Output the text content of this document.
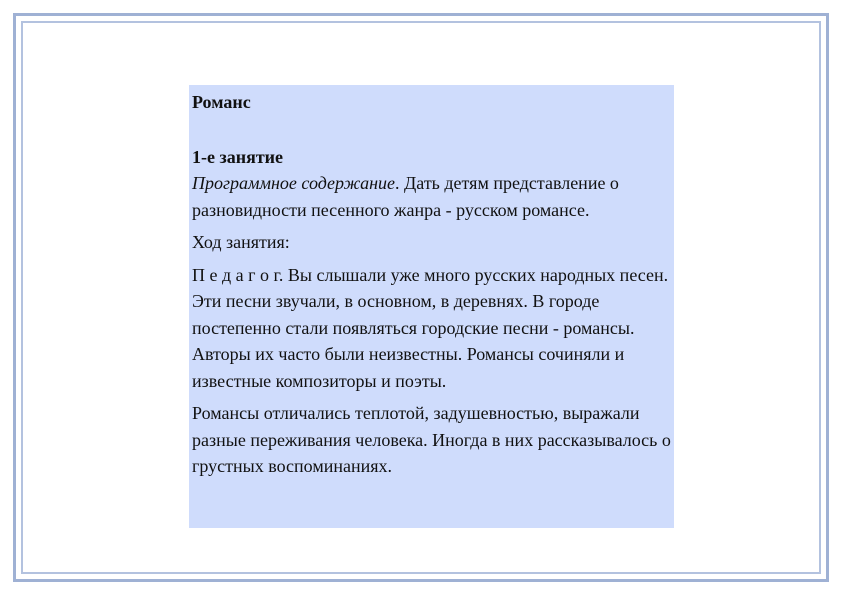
Романс

1-е занятие

Программное содержание. Дать детям представление о разновидности песенного жанра - русском романсе.

Ход занятия:

П е д а г о г. Вы слышали уже много русских народных песен. Эти песни звучали, в основном, в деревнях. В городе постепенно стали появляться городские песни - романсы. Авторы их часто были неизвестны. Романсы сочиняли и известные композиторы и поэты.

Романсы отличались теплотой, задушевностью, выражали разные переживания человека. Иногда в них рассказывалось о грустных воспоминаниях.
